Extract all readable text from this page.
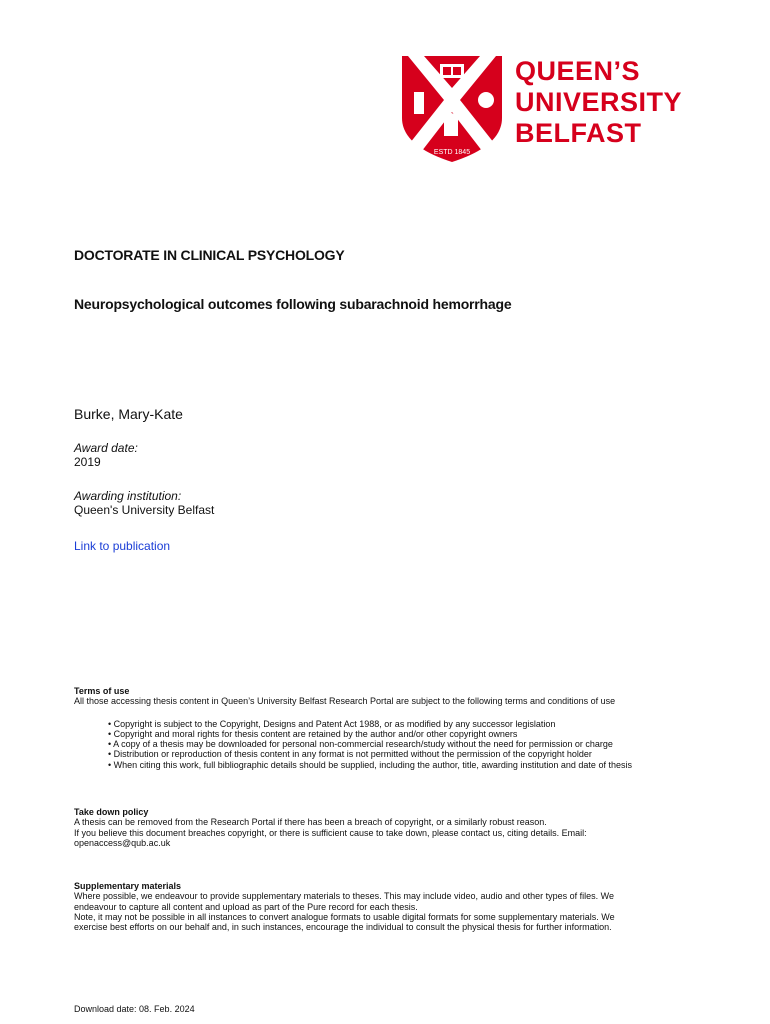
ESTD 1845
QUEEN’S
UNIVERSITY
BELFAST
DOCTORATE IN CLINICAL PSYCHOLOGY
Neuropsychological outcomes following subarachnoid hemorrhage
Burke, Mary-Kate
Award date:
2019
Awarding institution:
Queen's University Belfast
Link to publication
Terms of use
All those accessing thesis content in Queen’s University Belfast Research Portal are subject to the following terms and conditions of use
• Copyright is subject to the Copyright, Designs and Patent Act 1988, or as modified by any successor legislation
• Copyright and moral rights for thesis content are retained by the author and/or other copyright owners
• A copy of a thesis may be downloaded for personal non-commercial research/study without the need for permission or charge
• Distribution or reproduction of thesis content in any format is not permitted without the permission of the copyright holder
• When citing this work, full bibliographic details should be supplied, including the author, title, awarding institution and date of thesis
Take down policy
A thesis can be removed from the Research Portal if there has been a breach of copyright, or a similarly robust reason.
If you believe this document breaches copyright, or there is sufficient cause to take down, please contact us, citing details. Email:
openaccess@qub.ac.uk
Supplementary materials
Where possible, we endeavour to provide supplementary materials to theses. This may include video, audio and other types of files. We
endeavour to capture all content and upload as part of the Pure record for each thesis.
Note, it may not be possible in all instances to convert analogue formats to usable digital formats for some supplementary materials. We
exercise best efforts on our behalf and, in such instances, encourage the individual to consult the physical thesis for further information.
Download date: 08. Feb. 2024
